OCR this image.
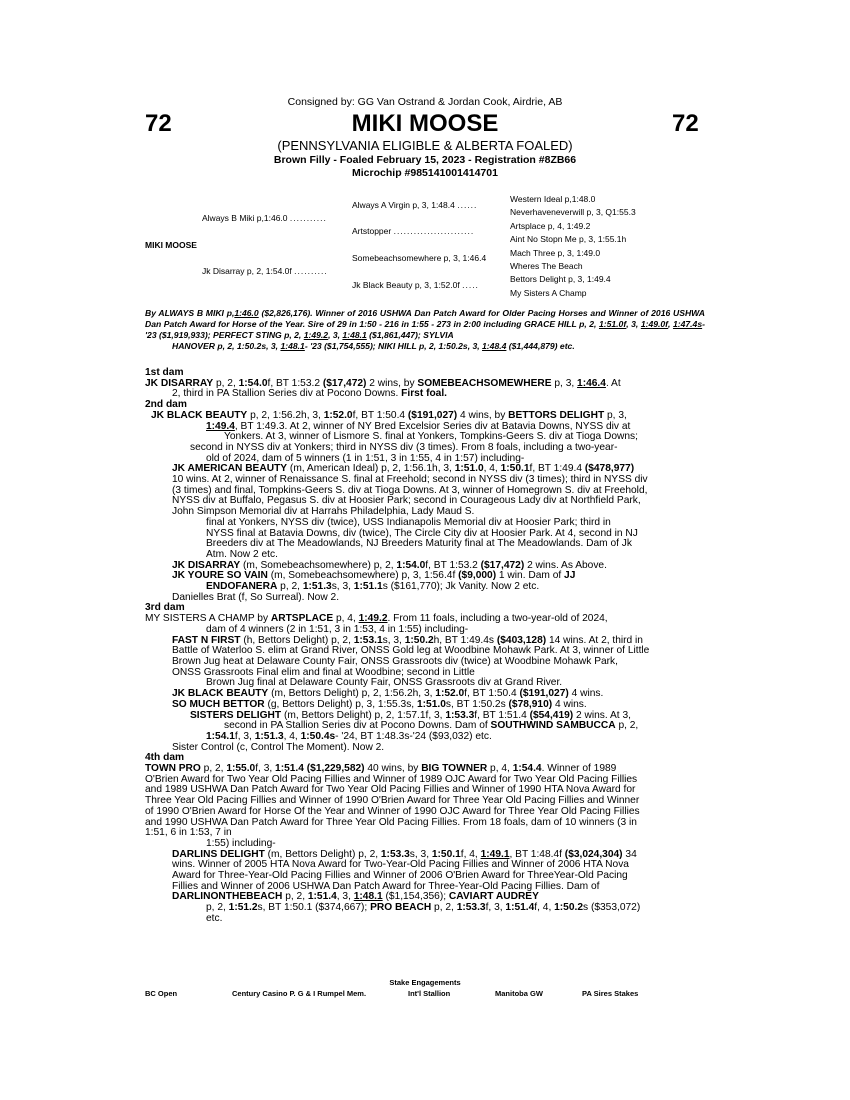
Consigned by: GG Van Ostrand & Jordan Cook, Airdrie, AB
72	MIKI MOOSE	72
(PENNSYLVANIA ELIGIBLE & ALBERTA FOALED)
Brown Filly - Foaled February 15, 2023 - Registration #8ZB66
Microchip #985141001414701
MIKI MOOSE
Always B Miki p,1:46.0 ...........
Jk Disarray p, 2, 1:54.0f ..........
Always A Virgin p, 3, 1:48.4 ......
Artstopper ........................
Somebeachsomewhere p, 3, 1:46.4
Jk Black Beauty p, 3, 1:52.0f .....
Western Ideal p,1:48.0
Neverhaveneverwill p, 3, Q1:55.3
Artsplace p, 4, 1:49.2
Aint No Stopn Me p, 3, 1:55.1h
Mach Three p, 3, 1:49.0
Wheres The Beach
Bettors Delight p, 3, 1:49.4
My Sisters A Champ
By ALWAYS B MIKI p,1:46.0 ($2,826,176). Winner of 2016 USHWA Dan Patch Award for Older Pacing Horses and Winner of 2016 USHWA Dan Patch Award for Horse of the Year. Sire of 29 in 1:50 - 216 in 1:55 - 273 in 2:00 including GRACE HILL p, 2, 1:51.0f, 3, 1:49.0f, 1:47.4s- '23 ($1,919,933); PERFECT STING p, 2, 1:49.2, 3, 1:48.1 ($1,861,447); SYLVIA
HANOVER p, 2, 1:50.2s, 3, 1:48.1- '23 ($1,754,555); NIKI HILL p, 2, 1:50.2s, 3, 1:48.4 ($1,444,879) etc.

1st dam

JK DISARRAY p, 2, 1:54.0f, BT 1:53.2 ($17,472) 2 wins, by SOMEBEACHSOMEWHERE p, 3, 1:46.4. At

2, third in PA Stallion Series div at Pocono Downs. First foal.

2nd dam

JK BLACK BEAUTY p, 2, 1:56.2h, 3, 1:52.0f, BT 1:50.4 ($191,027) 4 wins, by BETTORS DELIGHT p, 3,

1:49.4, BT 1:49.3. At 2, winner of NY Bred Excelsior Series div at Batavia Downs, NYSS div at

Yonkers. At 3, winner of Lismore S. final at Yonkers, Tompkins-Geers S. div at Tioga Downs;

second in NYSS div at Yonkers; third in NYSS div (3 times). From 8 foals, including a two-year-

old of 2024, dam of 5 winners (1 in 1:51, 3 in 1:55, 4 in 1:57) including-

JK AMERICAN BEAUTY (m, American Ideal) p, 2, 1:56.1h, 3, 1:51.0, 4, 1:50.1f, BT 1:49.4 ($478,977)

10 wins. At 2, winner of Renaissance S. final at Freehold; second in NYSS div (3 times); third in NYSS div

(3 times) and final, Tompkins-Geers S. div at Tioga Downs. At 3, winner of Homegrown S. div at Freehold,

NYSS div at Buffalo, Pegasus S. div at Hoosier Park; second in Courageous Lady div at Northfield Park,

John Simpson Memorial div at Harrahs Philadelphia, Lady Maud S.

final at Yonkers, NYSS div (twice), USS Indianapolis Memorial div at Hoosier Park; third in

NYSS final at Batavia Downs, div (twice), The Circle City div at Hoosier Park. At 4, second in NJ

Breeders div at The Meadowlands, NJ Breeders Maturity final at The Meadowlands. Dam of Jk

Atm. Now 2 etc.

JK DISARRAY (m, Somebeachsomewhere) p, 2, 1:54.0f, BT 1:53.2 ($17,472) 2 wins. As Above.

JK YOURE SO VAIN (m, Somebeachsomewhere) p, 3, 1:56.4f ($9,000) 1 win. Dam of JJ

ENDOFANERA p, 2, 1:51.3s, 3, 1:51.1s ($161,770); Jk Vanity. Now 2 etc.

Danielles Brat (f, So Surreal). Now 2.

3rd dam

MY SISTERS A CHAMP by ARTSPLACE p, 4, 1:49.2. From 11 foals, including a two-year-old of 2024,

dam of 4 winners (2 in 1:51, 3 in 1:53, 4 in 1:55) including-

FAST N FIRST (h, Bettors Delight) p, 2, 1:53.1s, 3, 1:50.2h, BT 1:49.4s ($403,128) 14 wins. At 2, third in

Battle of Waterloo S. elim at Grand River, ONSS Gold leg at Woodbine Mohawk Park. At 3, winner of Little

Brown Jug heat at Delaware County Fair, ONSS Grassroots div (twice) at Woodbine Mohawk Park,

ONSS Grassroots Final elim and final at Woodbine; second in Little

Brown Jug final at Delaware County Fair, ONSS Grassroots div at Grand River.

JK BLACK BEAUTY (m, Bettors Delight) p, 2, 1:56.2h, 3, 1:52.0f, BT 1:50.4 ($191,027) 4 wins.

SO MUCH BETTOR (g, Bettors Delight) p, 3, 1:55.3s, 1:51.0s, BT 1:50.2s ($78,910) 4 wins.

SISTERS DELIGHT (m, Bettors Delight) p, 2, 1:57.1f, 3, 1:53.3f, BT 1:51.4 ($54,419) 2 wins. At 3,

second in PA Stallion Series div at Pocono Downs. Dam of SOUTHWIND SAMBUCCA p, 2,

1:54.1f, 3, 1:51.3, 4, 1:50.4s- '24, BT 1:48.3s-'24 ($93,032) etc.

Sister Control (c, Control The Moment). Now 2.

4th dam

TOWN PRO p, 2, 1:55.0f, 3, 1:51.4 ($1,229,582) 40 wins, by BIG TOWNER p, 4, 1:54.4. Winner of 1989

O'Brien Award for Two Year Old Pacing Fillies and Winner of 1989 OJC Award for Two Year Old Pacing Fillies

and 1989 USHWA Dan Patch Award for Two Year Old Pacing Fillies and Winner of 1990 HTA Nova Award for

Three Year Old Pacing Fillies and Winner of 1990 O'Brien Award for Three Year Old Pacing Fillies and Winner

of 1990 O'Brien Award for Horse Of the Year and Winner of 1990 OJC Award for Three Year Old Pacing Fillies

and 1990 USHWA Dan Patch Award for Three Year Old Pacing Fillies. From 18 foals, dam of 10 winners (3 in

1:51, 6 in 1:53, 7 in

1:55) including-

DARLINS DELIGHT (m, Bettors Delight) p, 2, 1:53.3s, 3, 1:50.1f, 4, 1:49.1, BT 1:48.4f ($3,024,304) 34

wins. Winner of 2005 HTA Nova Award for Two-Year-Old Pacing Fillies and Winner of 2006 HTA Nova

Award for Three-Year-Old Pacing Fillies and Winner of 2006 O'Brien Award for ThreeYear-Old Pacing

Fillies and Winner of 2006 USHWA Dan Patch Award for Three-Year-Old Pacing Fillies. Dam of

DARLINONTHEBEACH p, 2, 1:51.4, 3, 1:48.1 ($1,154,356); CAVIART AUDREY

p, 2, 1:51.2s, BT 1:50.1 ($374,667); PRO BEACH p, 2, 1:53.3f, 3, 1:51.4f, 4, 1:50.2s ($353,072)

etc.

Stake Engagements
BC Open	Century Casino P. G & I Rumpel Mem.	Int'l Stallion	Manitoba GW	PA Sires Stakes
